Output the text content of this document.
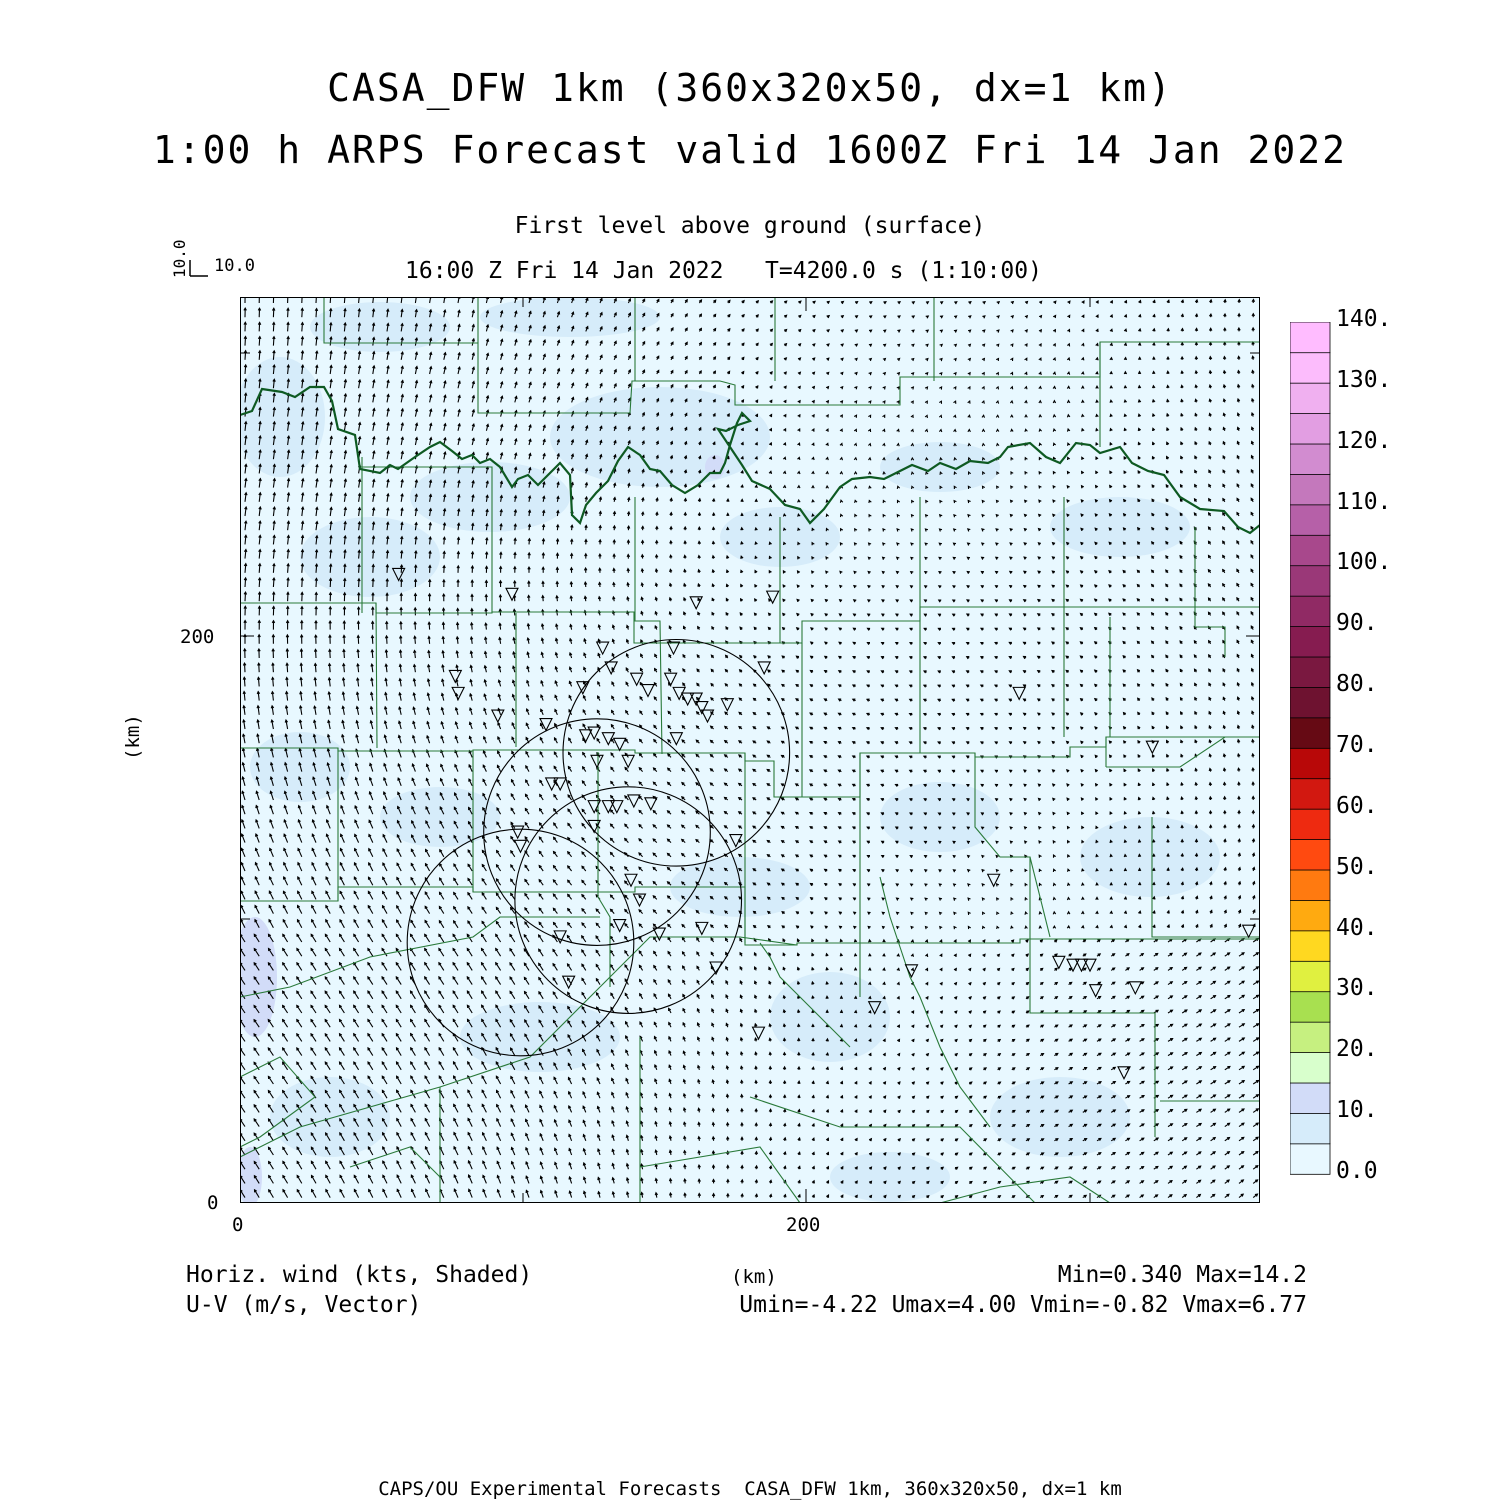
CASA_DFW 1km (360x320x50, dx=1 km)
1:00 h ARPS Forecast valid 1600Z Fri 14 Jan 2022
First level above ground (surface)
16:00 Z Fri 14 Jan 2022   T=4200.0 s (1:10:00)
10.0
10.0
(km)
200
0
0	200
(km)
0.0
10.
20.
30.
40.
50.
60.
70.
80.
90.
100.
110.
120.
130.
140.
Horiz. wind (kts, Shaded)
U-V (m/s, Vector)
Min=0.340 Max=14.2
Umin=-4.22 Umax=4.00 Vmin=-0.82 Vmax=6.77
CAPS/OU Experimental Forecasts  CASA_DFW 1km, 360x320x50, dx=1 km
